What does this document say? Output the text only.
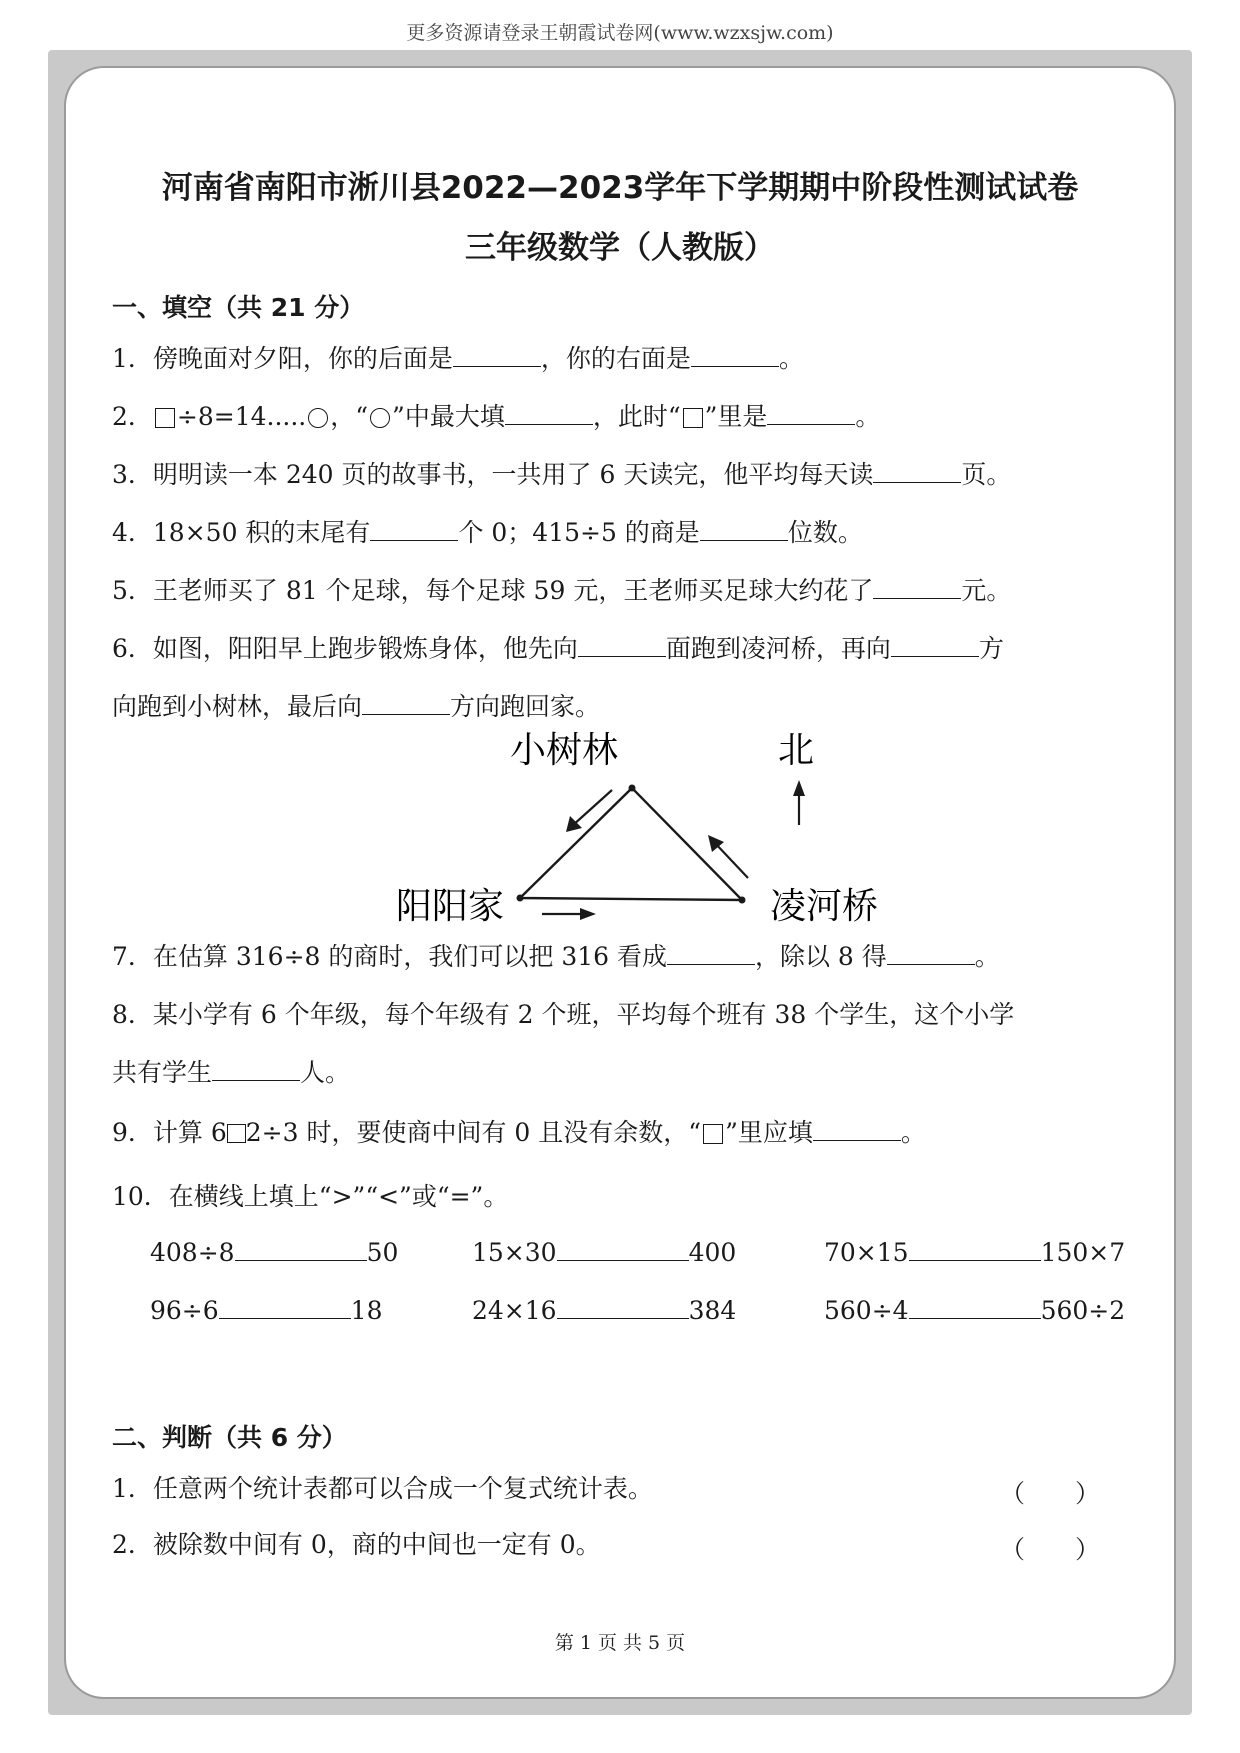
更多资源请登录王朝霞试卷网(www.wzxsjw.com)
河南省南阳市淅川县2022—2023学年下学期期中阶段性测试试卷
三年级数学（人教版）
一、填空（共 21 分）
1．傍晚面对夕阳，你的后面是	，你的右面是	。
2． ÷8=14..... ，“ ”中最大填	，此时“ ”里是	。
3．明明读一本 240 页的故事书，一共用了 6 天读完，他平均每天读	页。
4．18×50 积的末尾有	个 0；415÷5 的商是	位数。
5．王老师买了 81 个足球，每个足球 59 元，王老师买足球大约花了	元。
6．如图，阳阳早上跑步锻炼身体，他先向	面跑到凌河桥，再向	方
向跑到小树林，最后向	方向跑回家。
小树林	北
阳阳家	凌河桥
7．在估算 316÷8 的商时，我们可以把 316 看成	，除以 8 得	。
8．某小学有 6 个年级，每个年级有 2 个班，平均每个班有 38 个学生，这个小学
共有学生	人。
9．计算 6 2÷3 时，要使商中间有 0 且没有余数，“ ”里应填	。
10．在横线上填上“>”“<”或“=”。
408÷8	50	15×30	400	70×15	150×7
96÷6	18	24×16	384	560÷4	560÷2
二、判断（共 6 分）
1．任意两个统计表都可以合成一个复式统计表。	（　　）
2．被除数中间有 0，商的中间也一定有 0。	（　　）
第 1 页 共 5 页
